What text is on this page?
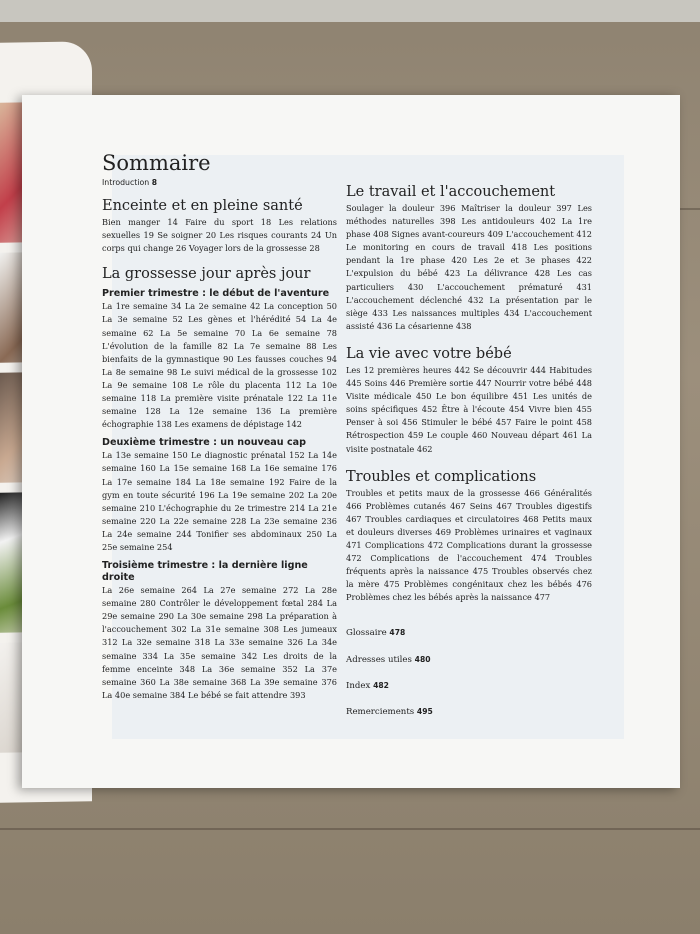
Sommaire
Introduction 8
Enceinte et en pleine santé
Bien manger 14 Faire du sport 18 Les relations sexuelles 19 Se soigner 20 Les risques courants 24 Un corps qui change 26 Voyager lors de la grossesse 28
La grossesse jour après jour
Premier trimestre : le début de l'aventure
La 1re semaine 34 La 2e semaine 42 La conception 50 La 3e semaine 52 Les gènes et l'hérédité 54 La 4e semaine 62 La 5e semaine 70 La 6e semaine 78 L'évolution de la famille 82 La 7e semaine 88 Les bienfaits de la gymnastique 90 Les fausses couches 94 La 8e semaine 98 Le suivi médical de la grossesse 102 La 9e semaine 108 Le rôle du placenta 112 La 10e semaine 118 La première visite prénatale 122 La 11e semaine 128 La 12e semaine 136 La première échographie 138 Les examens de dépistage 142
Deuxième trimestre : un nouveau cap
La 13e semaine 150 Le diagnostic prénatal 152 La 14e semaine 160 La 15e semaine 168 La 16e semaine 176 La 17e semaine 184 La 18e semaine 192 Faire de la gym en toute sécurité 196 La 19e semaine 202 La 20e semaine 210 L'échographie du 2e trimestre 214 La 21e semaine 220 La 22e semaine 228 La 23e semaine 236 La 24e semaine 244 Tonifier ses abdominaux 250 La 25e semaine 254
Troisième trimestre : la dernière ligne droite
La 26e semaine 264 La 27e semaine 272 La 28e semaine 280 Contrôler le développement fœtal 284 La 29e semaine 290 La 30e semaine 298 La préparation à l'accouchement 302 La 31e semaine 308 Les jumeaux 312 La 32e semaine 318 La 33e semaine 326 La 34e semaine 334 La 35e semaine 342 Les droits de la femme enceinte 348 La 36e semaine 352 La 37e semaine 360 La 38e semaine 368 La 39e semaine 376 La 40e semaine 384 Le bébé se fait attendre 393
Le travail et l'accouchement
Soulager la douleur 396 Maîtriser la douleur 397 Les méthodes naturelles 398 Les antidouleurs 402 La 1re phase 408 Signes avant-coureurs 409 L'accouchement 412 Le monitoring en cours de travail 418 Les positions pendant la 1re phase 420 Les 2e et 3e phases 422 L'expulsion du bébé 423 La délivrance 428 Les cas particuliers 430 L'accouchement prématuré 431 L'accouchement déclenché 432 La présentation par le siège 433 Les naissances multiples 434 L'accouchement assisté 436 La césarienne 438
La vie avec votre bébé
Les 12 premières heures 442 Se découvrir 444 Habitudes 445 Soins 446 Première sortie 447 Nourrir votre bébé 448 Visite médicale 450 Le bon équilibre 451 Les unités de soins spécifiques 452 Être à l'écoute 454 Vivre bien 455 Penser à soi 456 Stimuler le bébé 457 Faire le point 458 Rétrospection 459 Le couple 460 Nouveau départ 461 La visite postnatale 462
Troubles et complications
Troubles et petits maux de la grossesse 466 Généralités 466 Problèmes cutanés 467 Seins 467 Troubles digestifs 467 Troubles cardiaques et circulatoires 468 Petits maux et douleurs diverses 469 Problèmes urinaires et vaginaux 471 Complications 472 Complications durant la grossesse 472 Complications de l'accouchement 474 Troubles fréquents après la naissance 475 Troubles observés chez la mère 475 Problèmes congénitaux chez les bébés 476 Problèmes chez les bébés après la naissance 477
Glossaire 478
Adresses utiles 480
Index 482
Remerciements 495
